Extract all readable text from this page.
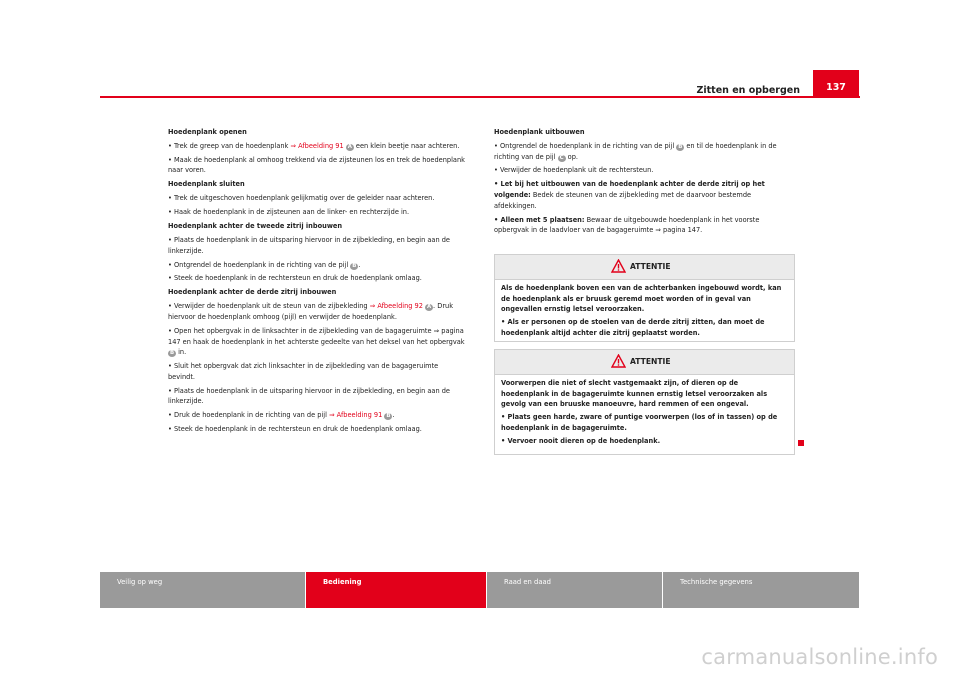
Zitten en opbergen	137

Hoedenplank openen

• Trek de greep van de hoedenplank ⇒ Afbeelding 91 A een klein beetje naar achteren.

• Maak de hoedenplank al omhoog trekkend via de zijsteunen los en trek de hoedenplank naar voren.

Hoedenplank sluiten

• Trek de uitgeschoven hoedenplank gelijkmatig over de geleider naar achteren.

• Haak de hoedenplank in de zijsteunen aan de linker- en rechterzijde in.

Hoedenplank achter de tweede zitrij inbouwen

• Plaats de hoedenplank in de uitsparing hiervoor in de zijbekleding, en begin aan de linkerzijde.

• Ontgrendel de hoedenplank in de richting van de pijl B .

• Steek de hoedenplank in de rechtersteun en druk de hoedenplank omlaag.

Hoedenplank achter de derde zitrij inbouwen

• Verwijder de hoedenplank uit de steun van de zijbekleding ⇒ Afbeelding 92 A . Druk hiervoor de hoedenplank omhoog (pijl) en verwijder de hoedenplank.

• Open het opbergvak in de linksachter in de zijbekleding van de bagageruimte ⇒ pagina 147 en haak de hoedenplank in het achterste gedeelte van het deksel van het opbergvak B in.

• Sluit het opbergvak dat zich linksachter in de zijbekleding van de bagageruimte bevindt.

• Plaats de hoedenplank in de uitsparing hiervoor in de zijbekleding, en begin aan de linkerzijde.

• Druk de hoedenplank in de richting van de pijl ⇒ Afbeelding 91 B .

• Steek de hoedenplank in de rechtersteun en druk de hoedenplank omlaag.

Hoedenplank uitbouwen

• Ontgrendel de hoedenplank in de richting van de pijl B en til de hoedenplank in de richting van de pijl C op.

• Verwijder de hoedenplank uit de rechtersteun.

• Let bij het uitbouwen van de hoedenplank achter de derde zitrij op het volgende: Bedek de steunen van de zijbekleding met de daarvoor bestemde afdekkingen.

• Alleen met 5 plaatsen: Bewaar de uitgebouwde hoedenplank in het voorste opbergvak in de laadvloer van de bagageruimte ⇒ pagina 147.

ATTENTIE

Als de hoedenplank boven een van de achterbanken ingebouwd wordt, kan de hoedenplank als er bruusk geremd moet worden of in geval van ongevallen ernstig letsel veroorzaken.

• Als er personen op de stoelen van de derde zitrij zitten, dan moet de hoedenplank altijd achter die zitrij geplaatst worden.

ATTENTIE

Voorwerpen die niet of slecht vastgemaakt zijn, of dieren op de hoedenplank in de bagageruimte kunnen ernstig letsel veroorzaken als gevolg van een bruuske manoeuvre, hard remmen of een ongeval.

• Plaats geen harde, zware of puntige voorwerpen (los of in tassen) op de hoedenplank in de bagageruimte.

• Vervoer nooit dieren op de hoedenplank.

Veilig op weg	Bediening	Raad en daad	Technische gegevens
carmanualsonline.info
